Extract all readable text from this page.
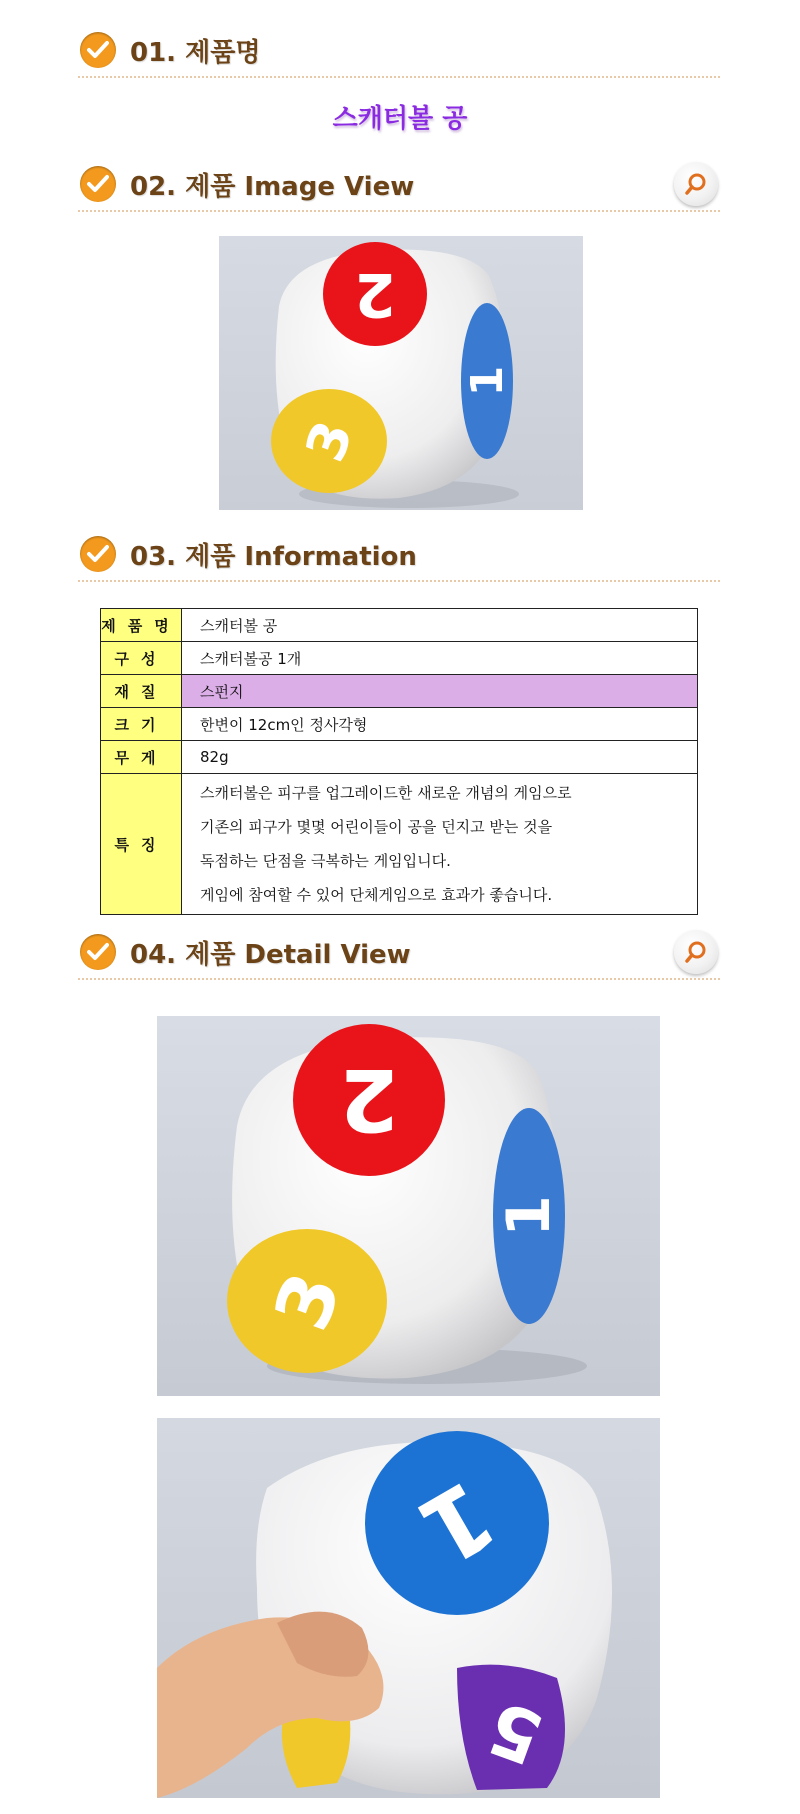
01. 제품명
스캐터볼 공
02. 제품 Image View
2
1
3
03. 제품 Information
제품명	스캐터볼 공
구성	스캐터볼공 1개
재질	스펀지
크기	한변이 12cm인 정사각형
무게	82g
특징	스캐터볼은 피구를 업그레이드한 새로운 개념의 게임으로
기존의 피구가 몇몇 어린이들이 공을 던지고 받는 것을
독점하는 단점을 극복하는 게임입니다.
게임에 참여할 수 있어 단체게임으로 효과가 좋습니다.
04. 제품 Detail View
2
1
3
1
5
